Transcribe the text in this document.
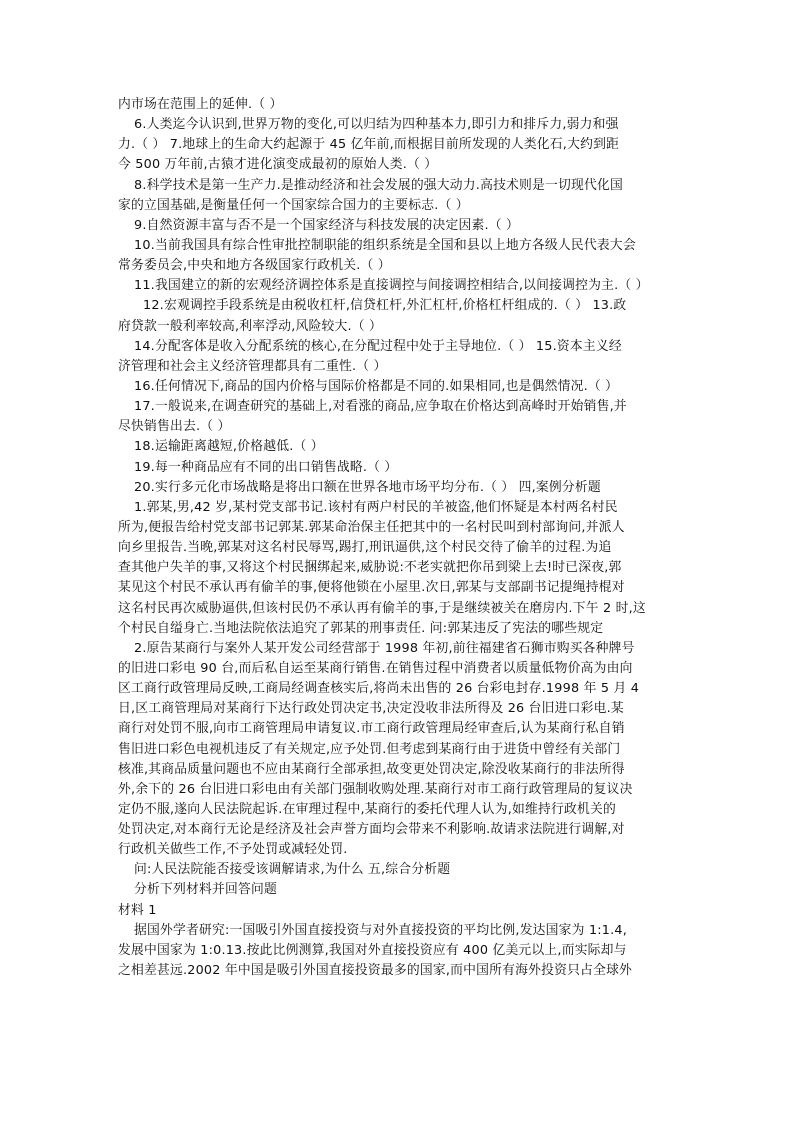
内市场在范围上的延伸.（ ）
6.人类迄今认识到,世界万物的变化,可以归结为四种基本力,即引力和排斥力,弱力和强
力.（ ） 7.地球上的生命大约起源于 45 亿年前,而根据目前所发现的人类化石,大约到距
今 500 万年前,古猿才进化演变成最初的原始人类.（ ）
8.科学技术是第一生产力.是推动经济和社会发展的强大动力.高技术则是一切现代化国
家的立国基础,是衡量任何一个国家综合国力的主要标志.（ ）
9.自然资源丰富与否不是一个国家经济与科技发展的决定因素.（ ）
10.当前我国具有综合性审批控制职能的组织系统是全国和县以上地方各级人民代表大会
常务委员会,中央和地方各级国家行政机关.（ ）
11.我国建立的新的宏观经济调控体系是直接调控与间接调控相结合,以间接调控为主.（ ）
12.宏观调控手段系统是由税收杠杆,信贷杠杆,外汇杠杆,价格杠杆组成的.（ ） 13.政
府贷款一般利率较高,利率浮动,风险较大.（ ）
14.分配客体是收入分配系统的核心,在分配过程中处于主导地位.（ ） 15.资本主义经
济管理和社会主义经济管理都具有二重性.（ ）
16.任何情况下,商品的国内价格与国际价格都是不同的.如果相同,也是偶然情况.（ ）
17.一般说来,在调查研究的基础上,对看涨的商品,应争取在价格达到高峰时开始销售,并
尽快销售出去.（ ）
18.运输距离越短,价格越低.（ ）
19.每一种商品应有不同的出口销售战略.（ ）
20.实行多元化市场战略是将出口额在世界各地市场平均分布.（ ） 四,案例分析题
1.郭某,男,42 岁,某村党支部书记.该村有两户村民的羊被盗,他们怀疑是本村两名村民
所为,便报告给村党支部书记郭某.郭某命治保主任把其中的一名村民叫到村部询问,并派人
向乡里报告.当晚,郭某对这名村民辱骂,踢打,刑讯逼供,这个村民交待了偷羊的过程.为追
查其他户失羊的事,又将这个村民捆绑起来,威胁说:不老实就把你吊到梁上去!时已深夜,郭
某见这个村民不承认再有偷羊的事,便将他锁在小屋里.次日,郭某与支部副书记提绳持棍对
这名村民再次威胁逼供,但该村民仍不承认再有偷羊的事,于是继续被关在磨房内.下午 2 时,这
个村民自缢身亡.当地法院依法追究了郭某的刑事责任. 问:郭某违反了宪法的哪些规定
2.原告某商行与案外人某开发公司经营部于 1998 年初,前往福建省石狮市购买各种牌号
的旧进口彩电 90 台,而后私自运至某商行销售.在销售过程中消费者以质量低物价高为由向
区工商行政管理局反映,工商局经调查核实后,将尚未出售的 26 台彩电封存.1998 年 5 月 4
日,区工商管理局对某商行下达行政处罚决定书,决定没收非法所得及 26 台旧进口彩电.某
商行对处罚不服,向市工商管理局申请复议.市工商行政管理局经审查后,认为某商行私自销
售旧进口彩色电视机违反了有关规定,应予处罚.但考虑到某商行由于进货中曾经有关部门
核准,其商品质量问题也不应由某商行全部承担,故变更处罚决定,除没收某商行的非法所得
外,余下的 26 台旧进口彩电由有关部门强制收购处理.某商行对市工商行政管理局的复议决
定仍不服,遂向人民法院起诉.在审理过程中,某商行的委托代理人认为,如维持行政机关的
处罚决定,对本商行无论是经济及社会声誉方面均会带来不利影响.故请求法院进行调解,对
行政机关做些工作,不予处罚或减轻处罚.
问:人民法院能否接受该调解请求,为什么 五,综合分析题
分析下列材料并回答问题
材料 1
据国外学者研究:一国吸引外国直接投资与对外直接投资的平均比例,发达国家为 1:1.4,
发展中国家为 1:0.13.按此比例测算,我国对外直接投资应有 400 亿美元以上,而实际却与
之相差甚远.2002 年中国是吸引外国直接投资最多的国家,而中国所有海外投资只占全球外
